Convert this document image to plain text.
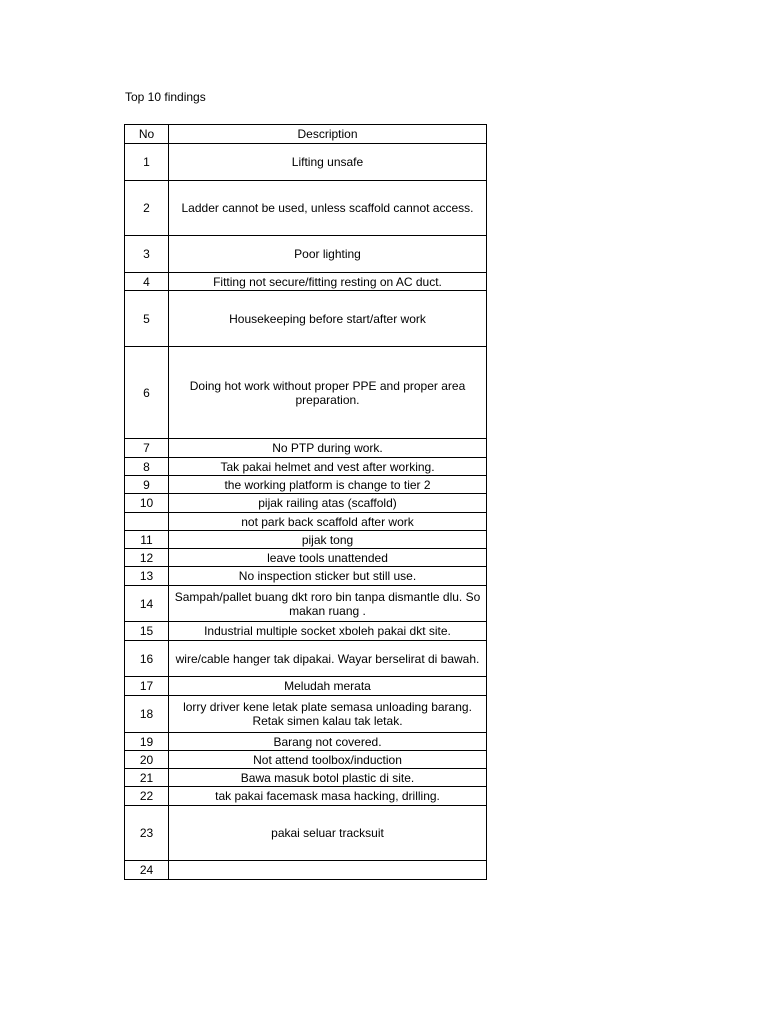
Top 10 findings
No	Description
1	Lifting unsafe
2	Ladder cannot be used, unless scaffold cannot access.
3	Poor lighting
4	Fitting not secure/fitting resting on AC duct.
5	Housekeeping before start/after work
6	Doing hot work without proper PPE and proper area preparation.
7	No PTP during work.
8	Tak pakai helmet and vest after working.
9	the working platform is change to tier 2
10	pijak railing atas (scaffold)
	not park back scaffold after work
11	pijak tong
12	leave tools unattended
13	No inspection sticker but still use.
14	Sampah/pallet buang dkt roro bin tanpa dismantle dlu. So makan ruang .
15	Industrial multiple socket xboleh pakai dkt site.
16	wire/cable hanger tak dipakai. Wayar berselirat di bawah.
17	Meludah merata
18	lorry driver kene letak plate semasa unloading barang. Retak simen kalau tak letak.
19	Barang not covered.
20	Not attend toolbox/induction
21	Bawa masuk botol plastic di site.
22	tak pakai facemask masa hacking, drilling.
23	pakai seluar tracksuit
24	
